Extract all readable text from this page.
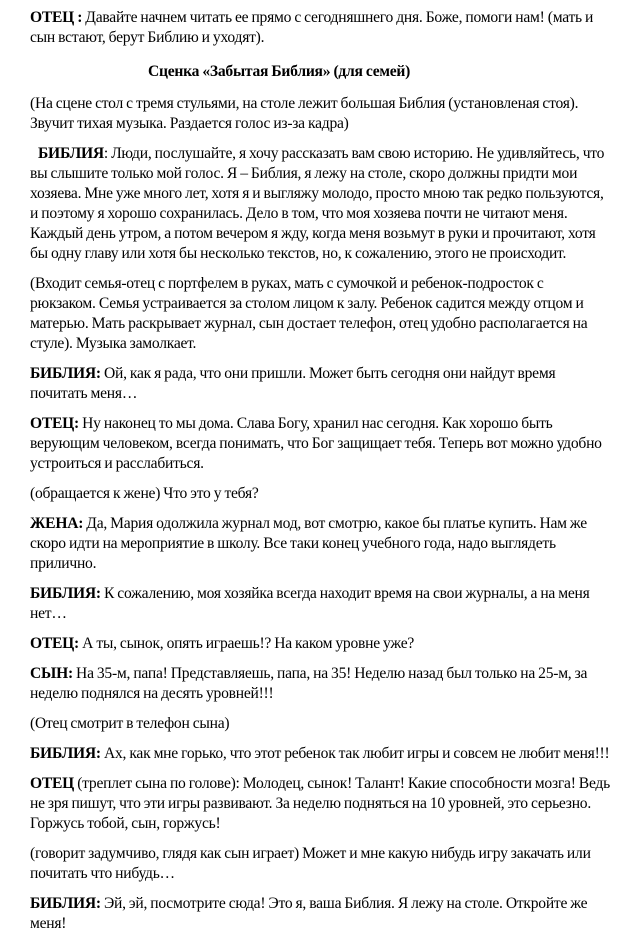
ОТЕЦ : Давайте начнем читать ее прямо с сегодняшнего дня. Боже, помоги нам! (мать и сын встают, берут Библию и уходят).

Сценка «Забытая Библия» (для семей)

(На сцене стол с тремя стульями, на столе лежит большая Библия (установленая стоя). Звучит тихая музыка. Раздается голос из-за кадра)

БИБЛИЯ: Люди, послушайте, я хочу рассказать вам свою историю. Не удивляйтесь, что вы слышите только мой голос. Я – Библия, я лежу на столе, скоро должны придти мои хозяева. Мне уже много лет, хотя я и выгляжу молодо, просто мною так редко пользуются, и поэтому я хорошо сохранилась. Дело в том, что моя хозяева почти не читают меня. Каждый день утром, а потом вечером я жду, когда меня возьмут в руки и прочитают, хотя бы одну главу или хотя бы несколько текстов, но, к сожалению, этого не происходит.

(Входит семья-отец с портфелем в руках, мать с сумочкой и ребенок-подросток с рюкзаком. Семья устраивается за столом лицом к залу. Ребенок садится между отцом и матерью. Мать раскрывает журнал, сын достает телефон, отец удобно располагается на стуле). Музыка замолкает.

БИБЛИЯ: Ой, как я рада, что они пришли. Может быть сегодня они найдут время почитать меня…

ОТЕЦ: Ну наконец то мы дома. Слава Богу, хранил нас сегодня. Как хорошо быть верующим человеком, всегда понимать, что Бог защищает тебя. Теперь вот можно удобно устроиться и расслабиться.

(обращается к жене) Что это у тебя?

ЖЕНА: Да, Мария одолжила журнал мод, вот смотрю, какое бы платье купить. Нам же скоро идти на мероприятие в школу. Все таки конец учебного года, надо выглядеть прилично.

БИБЛИЯ: К сожалению, моя хозяйка всегда находит время на свои журналы, а на меня нет…

ОТЕЦ: А ты, сынок, опять играешь!? На каком уровне уже?

СЫН: На 35-м, папа! Представляешь, папа, на 35! Неделю назад был только на 25-м, за неделю поднялся на десять уровней!!!

(Отец смотрит в телефон сына)

БИБЛИЯ: Ах, как мне горько, что этот ребенок так любит игры и совсем не любит меня!!!

ОТЕЦ (треплет сына по голове): Молодец, сынок! Талант! Какие способности мозга! Ведь не зря пишут, что эти игры развивают. За неделю подняться на 10 уровней, это серьезно. Горжусь тобой, сын, горжусь!

(говорит задумчиво, глядя как сын играет) Может и мне какую нибудь игру закачать или почитать что нибудь…

БИБЛИЯ: Эй, эй, посмотрите сюда! Это я, ваша Библия. Я лежу на столе. Откройте же меня!
